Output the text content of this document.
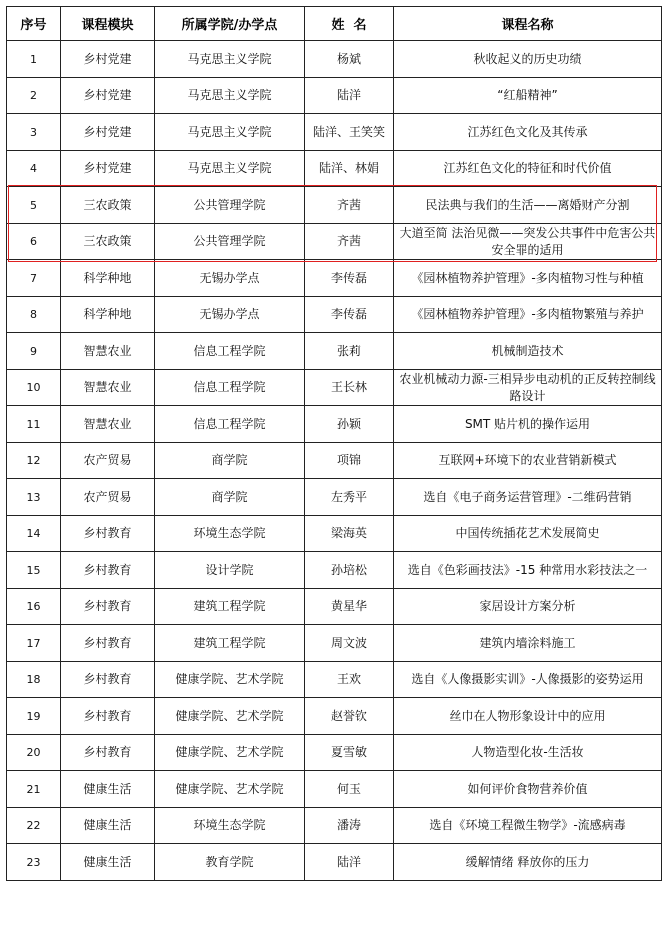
序号	课程模块	所属学院/办学点	姓  名	课程名称
1	乡村党建	马克思主义学院	杨斌	秋收起义的历史功绩
2	乡村党建	马克思主义学院	陆洋	“红船精神”
3	乡村党建	马克思主义学院	陆洋、王笑笑	江苏红色文化及其传承
4	乡村党建	马克思主义学院	陆洋、林娟	江苏红色文化的特征和时代价值
5	三农政策	公共管理学院	齐茜	民法典与我们的生活——离婚财产分割
6	三农政策	公共管理学院	齐茜	大道至简 法治见微——突发公共事件中危害公共安全罪的适用
7	科学种地	无锡办学点	李传磊	《园林植物养护管理》-多肉植物习性与种植
8	科学种地	无锡办学点	李传磊	《园林植物养护管理》-多肉植物繁殖与养护
9	智慧农业	信息工程学院	张莉	机械制造技术
10	智慧农业	信息工程学院	王长林	农业机械动力源-三相异步电动机的正反转控制线路设计
11	智慧农业	信息工程学院	孙颖	SMT 贴片机的操作运用
12	农产贸易	商学院	项锦	互联网+环境下的农业营销新模式
13	农产贸易	商学院	左秀平	选自《电子商务运营管理》-二维码营销
14	乡村教育	环境生态学院	梁海英	中国传统插花艺术发展简史
15	乡村教育	设计学院	孙培松	选自《色彩画技法》-15 种常用水彩技法之一
16	乡村教育	建筑工程学院	黄星华	家居设计方案分析
17	乡村教育	建筑工程学院	周文波	建筑内墙涂料施工
18	乡村教育	健康学院、艺术学院	王欢	选自《人像摄影实训》-人像摄影的姿势运用
19	乡村教育	健康学院、艺术学院	赵誉钦	丝巾在人物形象设计中的应用
20	乡村教育	健康学院、艺术学院	夏雪敏	人物造型化妆-生活妆
21	健康生活	健康学院、艺术学院	何玉	如何评价食物营养价值
22	健康生活	环境生态学院	潘涛	选自《环境工程微生物学》-流感病毒
23	健康生活	教育学院	陆洋	缓解情绪 释放你的压力
